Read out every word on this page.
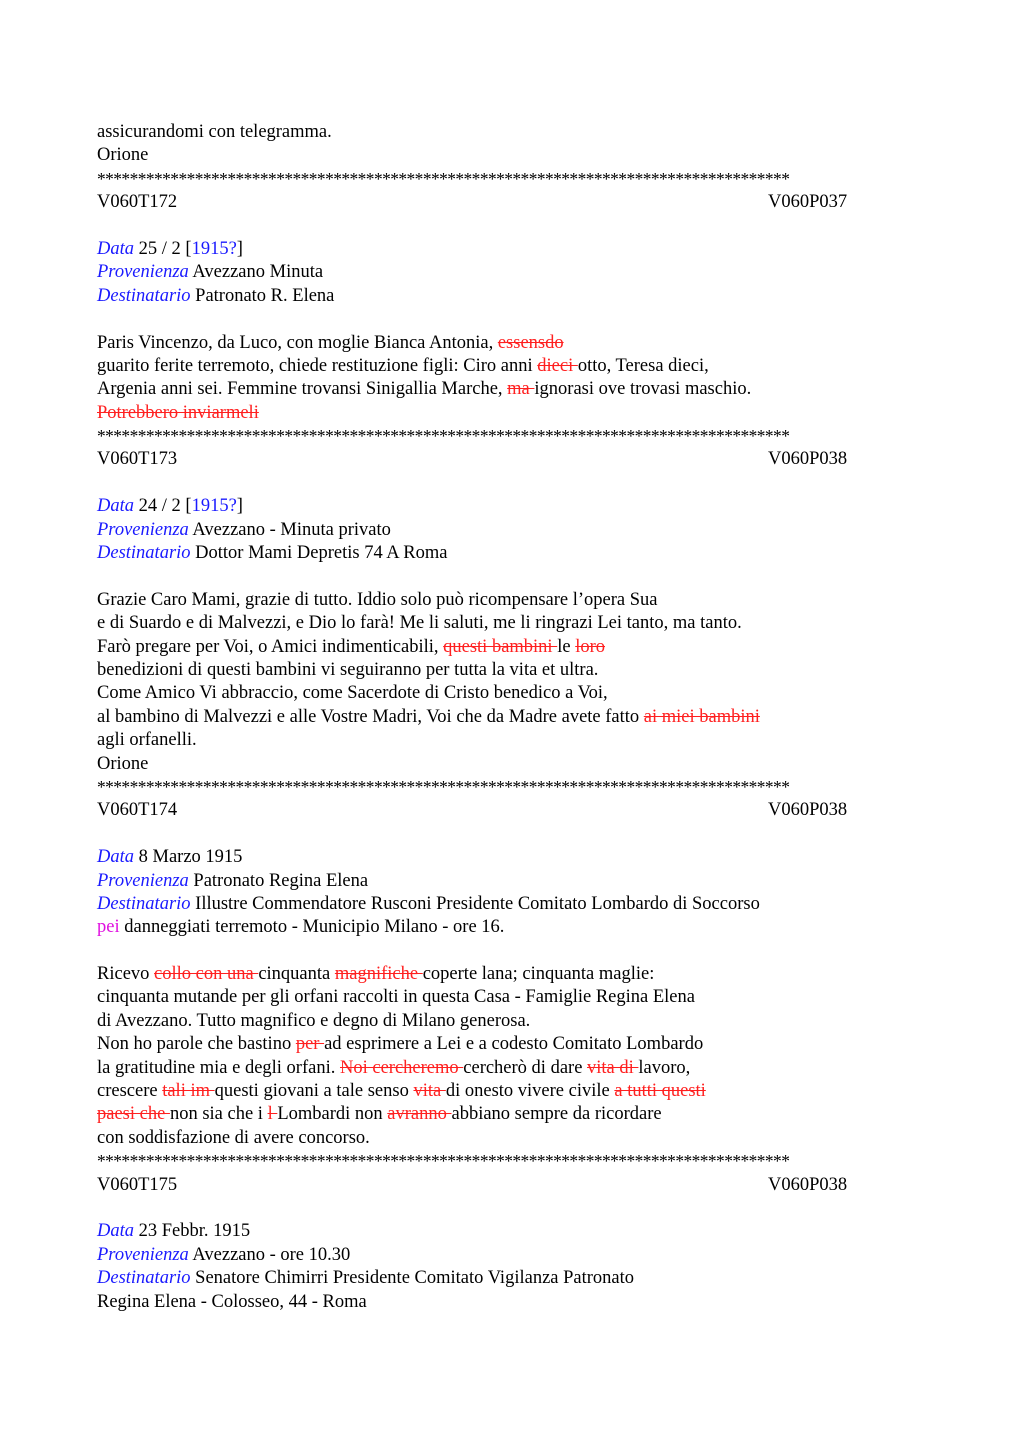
assicurandomi con telegramma.
Orione
*************************************************************************************
V060T172	V060P037
Data 25 / 2 [1915?]
Provenienza Avezzano Minuta
Destinatario Patronato R. Elena
Paris Vincenzo, da Luco, con moglie Bianca Antonia, essensdo
guarito ferite terremoto, chiede restituzione figli: Ciro anni dieci otto, Teresa dieci,
Argenia anni sei. Femmine trovansi Sinigallia Marche, ma ignorasi ove trovasi maschio.
Potrebbero inviarmeli
*************************************************************************************
V060T173	V060P038
Data 24 / 2 [1915?]
Provenienza Avezzano - Minuta privato
Destinatario Dottor Mami Depretis 74 A Roma
Grazie Caro Mami, grazie di tutto. Iddio solo può ricompensare l’opera Sua
e di Suardo e di Malvezzi, e Dio lo farà! Me li saluti, me li ringrazi Lei tanto, ma tanto.
Farò pregare per Voi, o Amici indimenticabili, questi bambini le loro
benedizioni di questi bambini vi seguiranno per tutta la vita et ultra.
Come Amico Vi abbraccio, come Sacerdote di Cristo benedico a Voi,
al bambino di Malvezzi e alle Vostre Madri, Voi che da Madre avete fatto ai miei bambini
agli orfanelli.
Orione
*************************************************************************************
V060T174	V060P038
Data 8 Marzo 1915
Provenienza Patronato Regina Elena
Destinatario Illustre Commendatore Rusconi Presidente Comitato Lombardo di Soccorso
pei danneggiati terremoto - Municipio Milano - ore 16.
Ricevo collo con una cinquanta magnifiche coperte lana; cinquanta maglie:
cinquanta mutande per gli orfani raccolti in questa Casa - Famiglie Regina Elena
di Avezzano. Tutto magnifico e degno di Milano generosa.
Non ho parole che bastino per ad esprimere a Lei e a codesto Comitato Lombardo
la gratitudine mia e degli orfani. Noi cercheremo cercherò di dare vita di lavoro,
crescere tali im questi giovani a tale senso vita di onesto vivere civile a tutti questi
paesi che non sia che i l Lombardi non avranno abbiano sempre da ricordare
con soddisfazione di avere concorso.
*************************************************************************************
V060T175	V060P038
Data 23 Febbr. 1915
Provenienza Avezzano - ore 10.30
Destinatario Senatore Chimirri Presidente Comitato Vigilanza Patronato
Regina Elena - Colosseo, 44 - Roma
